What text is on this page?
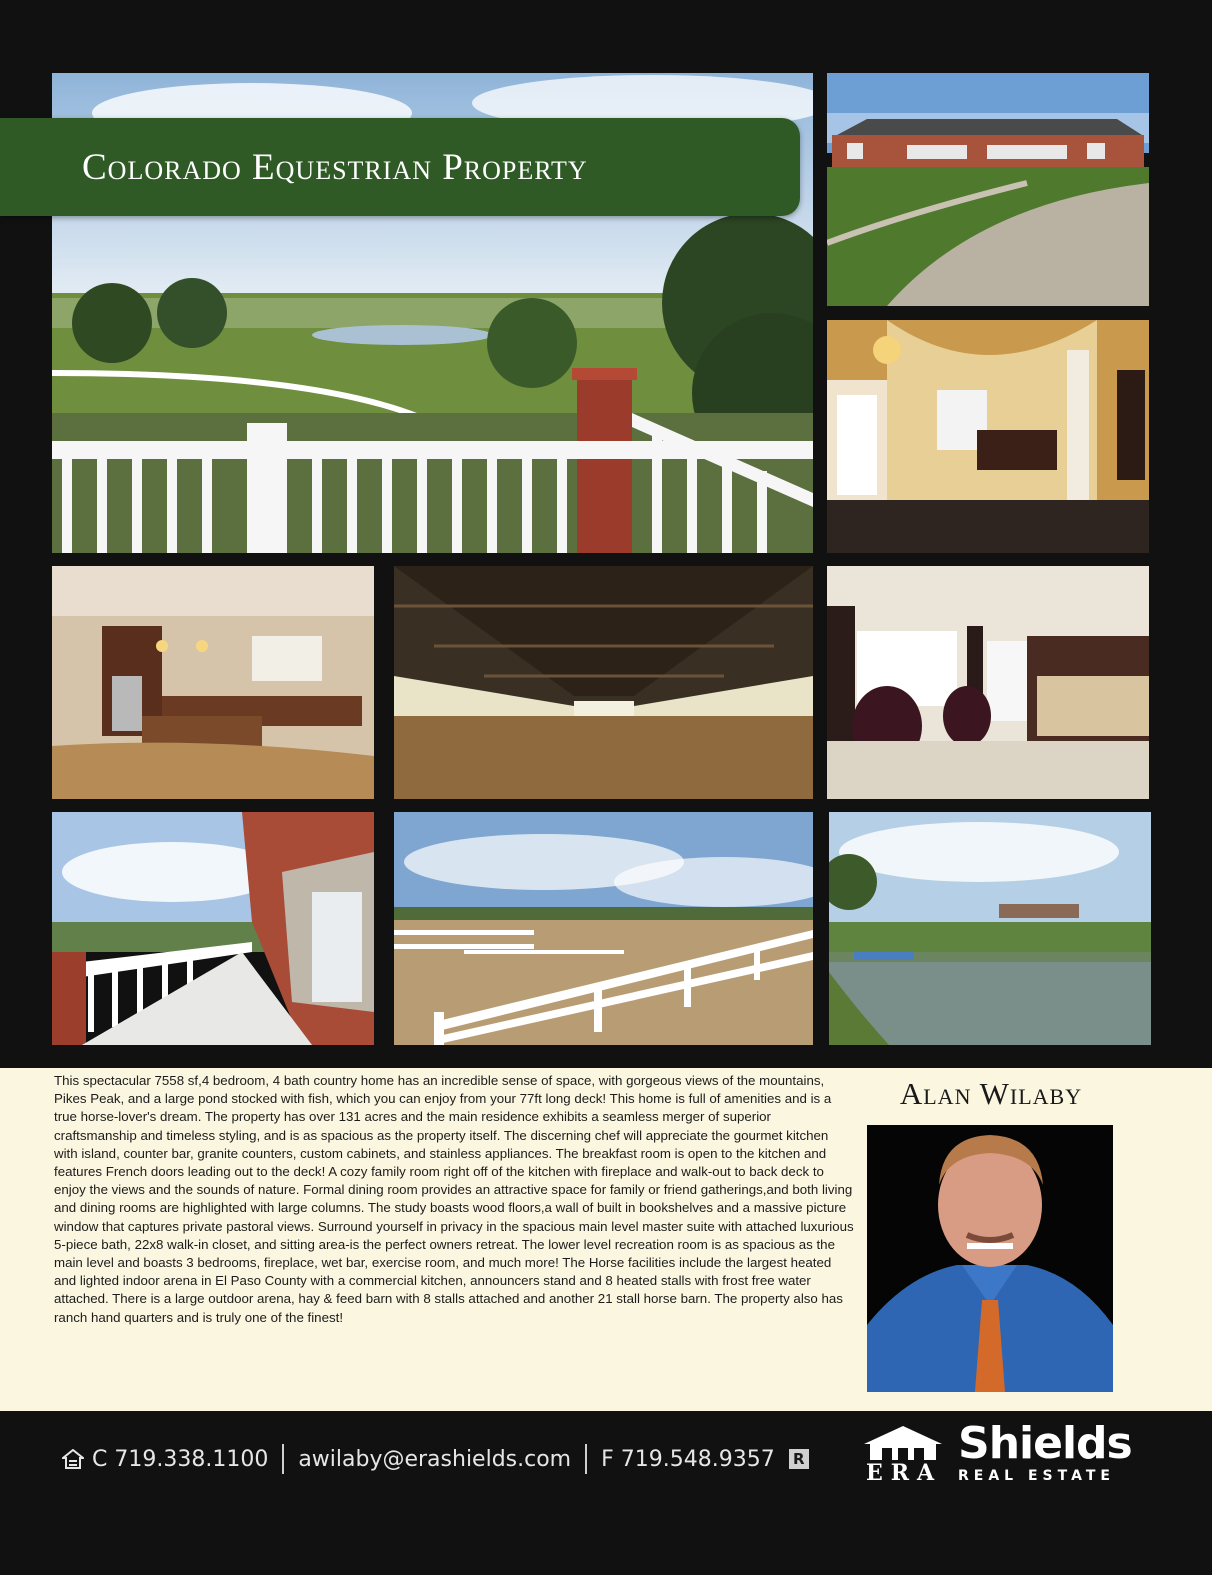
Colorado Equestrian Property

This spectacular 7558 sf,4 bedroom, 4 bath country home has an incredible sense of space, with gorgeous views of the mountains, Pikes Peak, and a large pond stocked with fish, which you can enjoy from your 77ft long deck! This home is full of amenities and is a true horse-lover's dream. The property has over 131 acres and the main residence exhibits a seamless merger of superior craftsmanship and timeless styling, and is as spacious as the property itself. The discerning chef will appreciate the gourmet kitchen with island, counter bar, granite counters, custom cabinets, and stainless appliances. The breakfast room is open to the kitchen and features French doors leading out to the deck! A cozy family room right off of the kitchen with fireplace and walk-out to back deck to enjoy the views and the sounds of nature. Formal dining room provides an attractive space for family or friend gatherings,and both living and dining rooms are highlighted with large columns. The study boasts wood floors,a wall of built in bookshelves and a massive picture window that captures private pastoral views. Surround yourself in privacy in the spacious main level master suite with attached luxurious 5-piece bath, 22x8 walk-in closet, and sitting area-is the perfect owners retreat. The lower level recreation room is as spacious as the main level and boasts 3 bedrooms, fireplace, wet bar, exercise room, and much more! The Horse facilities include the largest heated and lighted indoor arena in El Paso County with a commercial kitchen, announcers stand and 8 heated stalls with frost free water attached. There is a large outdoor arena, hay & feed barn with 8 stalls attached and another 21 stall horse barn. The property also has ranch hand quarters and is truly one of the finest!

Alan Wilaby
C 719.338.1100 awilaby@erashields.com F 719.548.9357 R	Shields
REAL ESTATE
ERA
